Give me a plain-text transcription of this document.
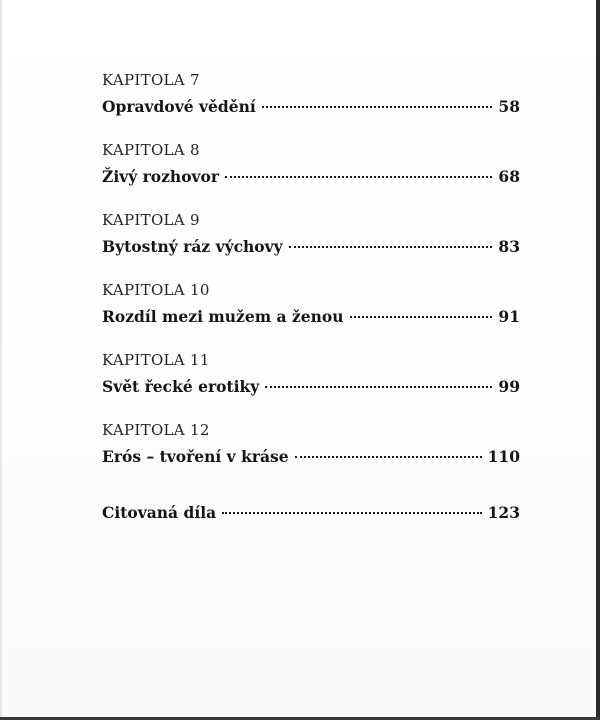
KAPITOLA 7
Opravdové vědění	58
KAPITOLA 8
Živý rozhovor	68
KAPITOLA 9
Bytostný ráz výchovy	83
KAPITOLA 10
Rozdíl mezi mužem a ženou	91
KAPITOLA 11
Svět řecké erotiky	99
KAPITOLA 12
Erós – tvoření v kráse	110
Citovaná díla	123
